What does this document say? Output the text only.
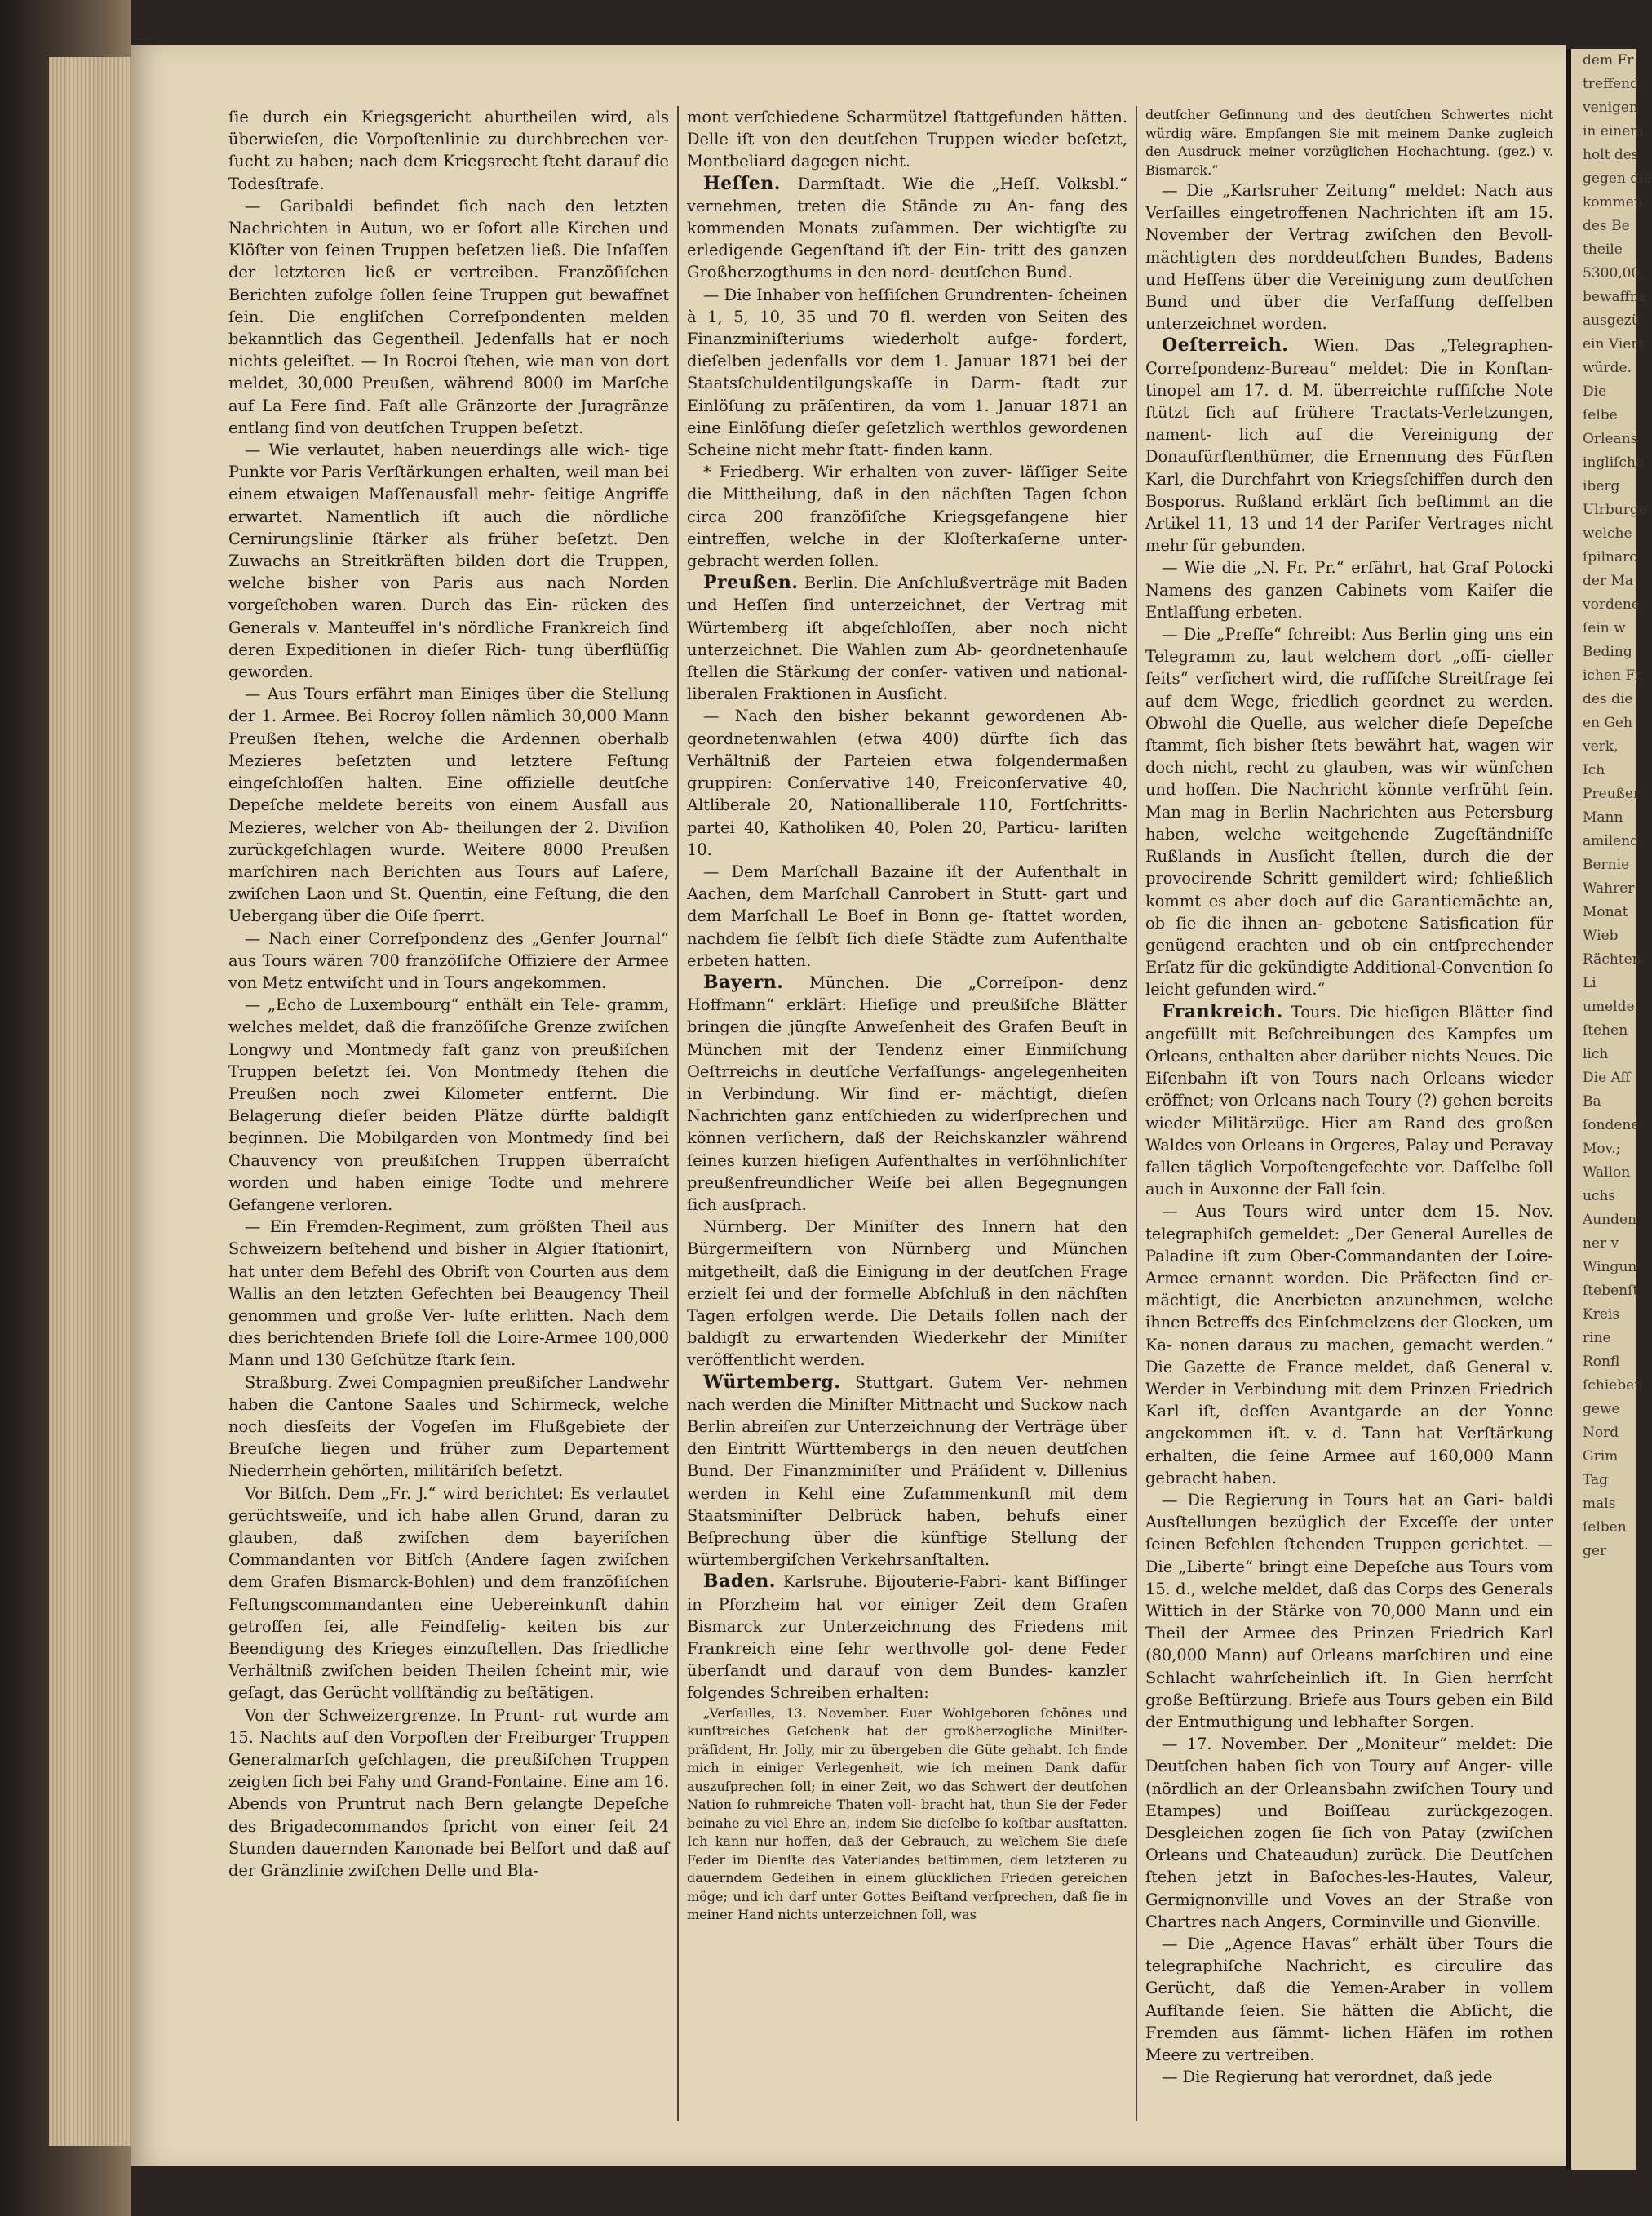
ſie durch ein Kriegsgericht aburtheilen wird, als überwieſen, die Vorpoſtenlinie zu durchbrechen ver- ſucht zu haben; nach dem Kriegsrecht ſteht darauf die Todesſtrafe.

— Garibaldi befindet ſich nach den letzten Nachrichten in Autun, wo er ſofort alle Kirchen und Klöſter von ſeinen Truppen beſetzen ließ. Die Inſaſſen der letzteren ließ er vertreiben. Franzöſiſchen Berichten zufolge ſollen ſeine Truppen gut bewaffnet ſein. Die engliſchen Correſpondenten melden bekanntlich das Gegentheil. Jedenfalls hat er noch nichts geleiſtet. — In Rocroi ſtehen, wie man von dort meldet, 30,000 Preußen, während 8000 im Marſche auf La Fere ſind. Faſt alle Gränzorte der Juragränze entlang ſind von deutſchen Truppen beſetzt.

— Wie verlautet, haben neuerdings alle wich- tige Punkte vor Paris Verſtärkungen erhalten, weil man bei einem etwaigen Maſſenausfall mehr- ſeitige Angriffe erwartet. Namentlich iſt auch die nördliche Cernirungslinie ſtärker als früher beſetzt. Den Zuwachs an Streitkräften bilden dort die Truppen, welche bisher von Paris aus nach Norden vorgeſchoben waren. Durch das Ein- rücken des Generals v. Manteuffel in's nördliche Frankreich ſind deren Expeditionen in dieſer Rich- tung überflüſſig geworden.

— Aus Tours erfährt man Einiges über die Stellung der 1. Armee. Bei Rocroy ſollen nämlich 30,000 Mann Preußen ſtehen, welche die Ardennen oberhalb Mezieres beſetzten und letztere Feſtung eingeſchloſſen halten. Eine offizielle deutſche Depeſche meldete bereits von einem Ausfall aus Mezieres, welcher von Ab- theilungen der 2. Diviſion zurückgeſchlagen wurde. Weitere 8000 Preußen marſchiren nach Berichten aus Tours auf Laſere, zwiſchen Laon und St. Quentin, eine Feſtung, die den Uebergang über die Oiſe ſperrt.

— Nach einer Correſpondenz des „Genfer Journal“ aus Tours wären 700 franzöſiſche Offiziere der Armee von Metz entwiſcht und in Tours angekommen.

— „Echo de Luxembourg“ enthält ein Tele- gramm, welches meldet, daß die franzöſiſche Grenze zwiſchen Longwy und Montmedy faſt ganz von preußiſchen Truppen beſetzt ſei. Von Montmedy ſtehen die Preußen noch zwei Kilometer entfernt. Die Belagerung dieſer beiden Plätze dürfte baldigſt beginnen. Die Mobilgarden von Montmedy ſind bei Chauvency von preußiſchen Truppen überraſcht worden und haben einige Todte und mehrere Gefangene verloren.

— Ein Fremden-Regiment, zum größten Theil aus Schweizern beſtehend und bisher in Algier ſtationirt, hat unter dem Befehl des Obriſt von Courten aus dem Wallis an den letzten Gefechten bei Beaugency Theil genommen und große Ver- luſte erlitten. Nach dem dies berichtenden Briefe ſoll die Loire-Armee 100,000 Mann und 130 Geſchütze ſtark ſein.

Straßburg. Zwei Compagnien preußiſcher Landwehr haben die Cantone Saales und Schirmeck, welche noch diesſeits der Vogeſen im Flußgebiete der Breuſche liegen und früher zum Departement Niederrhein gehörten, militäriſch beſetzt.

Vor Bitſch. Dem „Fr. J.“ wird berichtet: Es verlautet gerüchtsweiſe, und ich habe allen Grund, daran zu glauben, daß zwiſchen dem bayeriſchen Commandanten vor Bitſch (Andere ſagen zwiſchen dem Grafen Bismarck-Bohlen) und dem franzöſiſchen Feſtungscommandanten eine Uebereinkunft dahin getroffen ſei, alle Feindſelig- keiten bis zur Beendigung des Krieges einzuſtellen. Das friedliche Verhältniß zwiſchen beiden Theilen ſcheint mir, wie geſagt, das Gerücht vollſtändig zu beſtätigen.

Von der Schweizergrenze. In Prunt- rut wurde am 15. Nachts auf den Vorpoſten der Freiburger Truppen Generalmarſch geſchlagen, die preußiſchen Truppen zeigten ſich bei Fahy und Grand-Fontaine. Eine am 16. Abends von Pruntrut nach Bern gelangte Depeſche des Brigadecommandos ſpricht von einer ſeit 24 Stunden dauernden Kanonade bei Belfort und daß auf der Gränzlinie zwiſchen Delle und Bla-

mont verſchiedene Scharmützel ſtattgefunden hätten. Delle iſt von den deutſchen Truppen wieder beſetzt, Montbeliard dagegen nicht.

Heſſen. Darmſtadt. Wie die „Heſſ. Volksbl.“ vernehmen, treten die Stände zu An- fang des kommenden Monats zuſammen. Der wichtigſte zu erledigende Gegenſtand iſt der Ein- tritt des ganzen Großherzogthums in den nord- deutſchen Bund.

— Die Inhaber von heſſiſchen Grundrenten- ſcheinen à 1, 5, 10, 35 und 70 fl. werden von Seiten des Finanzminiſteriums wiederholt aufge- fordert, dieſelben jedenfalls vor dem 1. Januar 1871 bei der Staatsſchuldentilgungskaſſe in Darm- ſtadt zur Einlöſung zu präſentiren, da vom 1. Januar 1871 an eine Einlöſung dieſer geſetzlich werthlos gewordenen Scheine nicht mehr ſtatt- finden kann.

* Friedberg. Wir erhalten von zuver- läſſiger Seite die Mittheilung, daß in den nächſten Tagen ſchon circa 200 franzöſiſche Kriegsgefangene hier eintreffen, welche in der Kloſterkaſerne unter- gebracht werden ſollen.

Preußen. Berlin. Die Anſchlußverträge mit Baden und Heſſen ſind unterzeichnet, der Vertrag mit Würtemberg iſt abgeſchloſſen, aber noch nicht unterzeichnet. Die Wahlen zum Ab- geordnetenhauſe ſtellen die Stärkung der conſer- vativen und national-liberalen Fraktionen in Ausſicht.

— Nach den bisher bekannt gewordenen Ab- geordnetenwahlen (etwa 400) dürfte ſich das Verhältniß der Parteien etwa folgendermaßen gruppiren: Conſervative 140, Freiconſervative 40, Altliberale 20, Nationalliberale 110, Fortſchritts- partei 40, Katholiken 40, Polen 20, Particu- lariſten 10.

— Dem Marſchall Bazaine iſt der Aufenthalt in Aachen, dem Marſchall Canrobert in Stutt- gart und dem Marſchall Le Boef in Bonn ge- ſtattet worden, nachdem ſie ſelbſt ſich dieſe Städte zum Aufenthalte erbeten hatten.

Bayern. München. Die „Correſpon- denz Hoffmann“ erklärt: Hieſige und preußiſche Blätter bringen die jüngſte Anweſenheit des Grafen Beuſt in München mit der Tendenz einer Einmiſchung Oeſtrreichs in deutſche Verfaſſungs- angelegenheiten in Verbindung. Wir ſind er- mächtigt, dieſen Nachrichten ganz entſchieden zu widerſprechen und können verſichern, daß der Reichskanzler während ſeines kurzen hieſigen Aufenthaltes in verſöhnlichſter preußenfreundlicher Weiſe bei allen Begegnungen ſich ausſprach.

Nürnberg. Der Miniſter des Innern hat den Bürgermeiſtern von Nürnberg und München mitgetheilt, daß die Einigung in der deutſchen Frage erzielt ſei und der formelle Abſchluß in den nächſten Tagen erfolgen werde. Die Details ſollen nach der baldigſt zu erwartenden Wiederkehr der Miniſter veröffentlicht werden.

Würtemberg. Stuttgart. Gutem Ver- nehmen nach werden die Miniſter Mittnacht und Suckow nach Berlin abreiſen zur Unterzeichnung der Verträge über den Eintritt Württembergs in den neuen deutſchen Bund. Der Finanzminiſter und Präſident v. Dillenius werden in Kehl eine Zuſammenkunft mit dem Staatsminiſter Delbrück haben, behufs einer Beſprechung über die künftige Stellung der würtembergiſchen Verkehrsanſtalten.

Baden. Karlsruhe. Bijouterie-Fabri- kant Biſſinger in Pforzheim hat vor einiger Zeit dem Grafen Bismarck zur Unterzeichnung des Friedens mit Frankreich eine ſehr werthvolle gol- dene Feder überſandt und darauf von dem Bundes- kanzler folgendes Schreiben erhalten:

„Verſailles, 13. November. Euer Wohlgeboren ſchönes und kunſtreiches Geſchenk hat der großherzogliche Miniſter- präſident, Hr. Jolly, mir zu übergeben die Güte gehabt. Ich finde mich in einiger Verlegenheit, wie ich meinen Dank dafür auszuſprechen ſoll; in einer Zeit, wo das Schwert der deutſchen Nation ſo ruhmreiche Thaten voll- bracht hat, thun Sie der Feder beinahe zu viel Ehre an, indem Sie dieſelbe ſo koſtbar ausſtatten. Ich kann nur hoffen, daß der Gebrauch, zu welchem Sie dieſe Feder im Dienſte des Vaterlandes beſtimmen, dem letzteren zu dauerndem Gedeihen in einem glücklichen Frieden gereichen möge; und ich darf unter Gottes Beiſtand verſprechen, daß ſie in meiner Hand nichts unterzeichnen ſoll, was

deutſcher Geſinnung und des deutſchen Schwertes nicht würdig wäre. Empfangen Sie mit meinem Danke zugleich den Ausdruck meiner vorzüglichen Hochachtung. (gez.) v. Bismarck.“

— Die „Karlsruher Zeitung“ meldet: Nach aus Verſailles eingetroffenen Nachrichten iſt am 15. November der Vertrag zwiſchen den Bevoll- mächtigten des norddeutſchen Bundes, Badens und Heſſens über die Vereinigung zum deutſchen Bund und über die Verfaſſung deſſelben unterzeichnet worden.

Oeſterreich. Wien. Das „Telegraphen- Correſpondenz-Bureau“ meldet: Die in Konſtan- tinopel am 17. d. M. überreichte ruſſiſche Note ſtützt ſich auf frühere Tractats-Verletzungen, nament- lich auf die Vereinigung der Donaufürſtenthümer, die Ernennung des Fürſten Karl, die Durchfahrt von Kriegsſchiffen durch den Bosporus. Rußland erklärt ſich beſtimmt an die Artikel 11, 13 und 14 der Pariſer Vertrages nicht mehr für gebunden.

— Wie die „N. Fr. Pr.“ erfährt, hat Graf Potocki Namens des ganzen Cabinets vom Kaiſer die Entlaſſung erbeten.

— Die „Preſſe“ ſchreibt: Aus Berlin ging uns ein Telegramm zu, laut welchem dort „offi- cieller ſeits“ verſichert wird, die ruſſiſche Streitfrage ſei auf dem Wege, friedlich geordnet zu werden. Obwohl die Quelle, aus welcher dieſe Depeſche ſtammt, ſich bisher ſtets bewährt hat, wagen wir doch nicht, recht zu glauben, was wir wünſchen und hoffen. Die Nachricht könnte verfrüht ſein. Man mag in Berlin Nachrichten aus Petersburg haben, welche weitgehende Zugeſtändniſſe Rußlands in Ausſicht ſtellen, durch die der provocirende Schritt gemildert wird; ſchließlich kommt es aber doch auf die Garantiemächte an, ob ſie die ihnen an- gebotene Satisfication für genügend erachten und ob ein entſprechender Erſatz für die gekündigte Additional-Convention ſo leicht gefunden wird.“

Frankreich. Tours. Die hieſigen Blätter ſind angefüllt mit Beſchreibungen des Kampfes um Orleans, enthalten aber darüber nichts Neues. Die Eiſenbahn iſt von Tours nach Orleans wieder eröffnet; von Orleans nach Toury (?) gehen bereits wieder Militärzüge. Hier am Rand des großen Waldes von Orleans in Orgeres, Palay und Peravay fallen täglich Vorpoſtengefechte vor. Daſſelbe ſoll auch in Auxonne der Fall ſein.

— Aus Tours wird unter dem 15. Nov. telegraphiſch gemeldet: „Der General Aurelles de Paladine iſt zum Ober-Commandanten der Loire- Armee ernannt worden. Die Präfecten ſind er- mächtigt, die Anerbieten anzunehmen, welche ihnen Betreffs des Einſchmelzens der Glocken, um Ka- nonen daraus zu machen, gemacht werden.“ Die Gazette de France meldet, daß General v. Werder in Verbindung mit dem Prinzen Friedrich Karl iſt, deſſen Avantgarde an der Yonne angekommen iſt. v. d. Tann hat Verſtärkung erhalten, die ſeine Armee auf 160,000 Mann gebracht haben.

— Die Regierung in Tours hat an Gari- baldi Ausſtellungen bezüglich der Exceſſe der unter ſeinen Befehlen ſtehenden Truppen gerichtet. — Die „Liberte“ bringt eine Depeſche aus Tours vom 15. d., welche meldet, daß das Corps des Generals Wittich in der Stärke von 70,000 Mann und ein Theil der Armee des Prinzen Friedrich Karl (80,000 Mann) auf Orleans marſchiren und eine Schlacht wahrſcheinlich iſt. In Gien herrſcht große Beſtürzung. Briefe aus Tours geben ein Bild der Entmuthigung und lebhafter Sorgen.

— 17. November. Der „Moniteur“ meldet: Die Deutſchen haben ſich von Toury auf Anger- ville (nördlich an der Orleansbahn zwiſchen Toury und Etampes) und Boiſſeau zurückgezogen. Desgleichen zogen ſie ſich von Patay (zwiſchen Orleans und Chateaudun) zurück. Die Deutſchen ſtehen jetzt in Baſoches-les-Hautes, Valeur, Germignonville und Voves an der Straße von Chartres nach Angers, Corminville und Gionville.

— Die „Agence Havas“ erhält über Tours die telegraphiſche Nachricht, es circulire das Gerücht, daß die Yemen-Araber in vollem Aufſtande ſeien. Sie hätten die Abſicht, die Fremden aus ſämmt- lichen Häfen im rothen Meere zu vertreiben.

— Die Regierung hat verordnet, daß jede

dem Fr
treffend
venigen
in einem
holt des
gegen die
kommen
des Be
theile
5300,00
bewaffne
ausgezü
ein Viert
würde.
Die
ſelbe
Orleans
ingliſche
iberg
Ulrburge
welche
ſpilnarc
der Ma
vordene
ſein w
Beding
ichen Fr
des die
en Geh
verk,
Ich
Preußer
Mann
amilend
Bernie
Wahrer
Monat
Wieb
Rächten
Li
umelde
ſtehen
lich
Die Aff
Ba
ſondene
Mov.;
Wallon
uchs
Aunden
ner v
Wingun
ſtebenſt
Kreis
rine
Ronfl
ſchieben
gewe
Nord
Grim
Tag
mals
ſelben
ger
